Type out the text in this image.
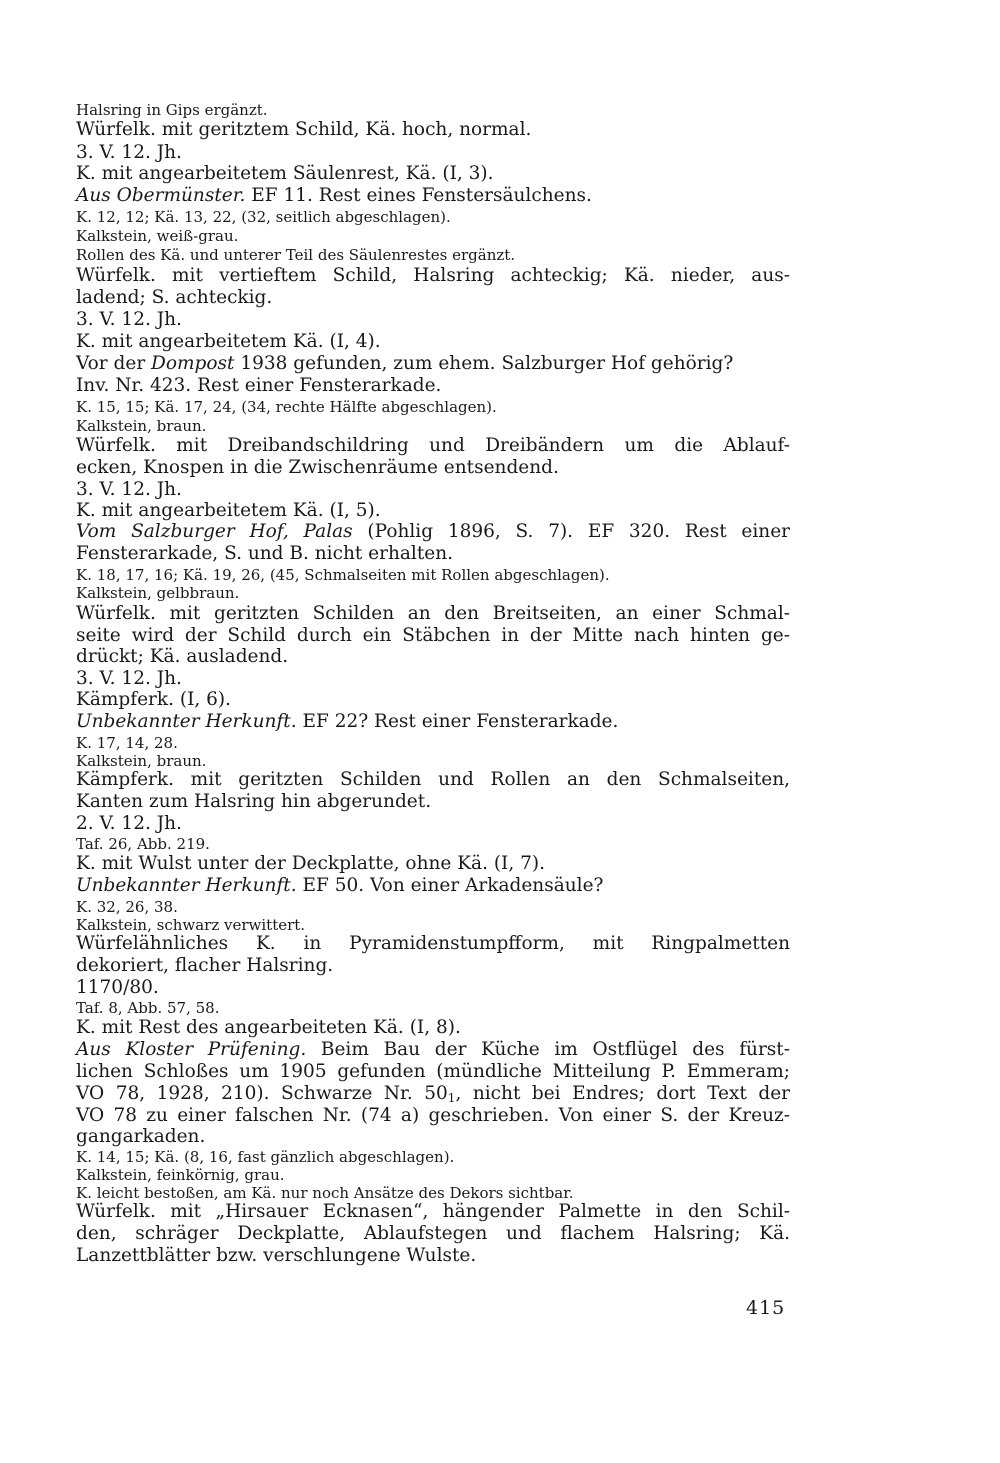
Halsring in Gips ergänzt.
Würfelk. mit geritztem Schild, Kä. hoch, normal.
3. V. 12. Jh.
K. mit angearbeitetem Säulenrest, Kä. (I, 3).
Aus Obermünster. EF 11. Rest eines Fenstersäulchens.
K. 12, 12; Kä. 13, 22, (32, seitlich abgeschlagen).
Kalkstein, weiß-grau.
Rollen des Kä. und unterer Teil des Säulenrestes ergänzt.
Würfelk. mit vertieftem Schild, Halsring achteckig; Kä. nieder, aus-
ladend; S. achteckig.
3. V. 12. Jh.
K. mit angearbeitetem Kä. (I, 4).
Vor der Dompost 1938 gefunden, zum ehem. Salzburger Hof gehörig?
Inv. Nr. 423. Rest einer Fensterarkade.
K. 15, 15; Kä. 17, 24, (34, rechte Hälfte abgeschlagen).
Kalkstein, braun.
Würfelk. mit Dreibandschildring und Dreibändern um die Ablauf-
ecken, Knospen in die Zwischenräume entsendend.
3. V. 12. Jh.
K. mit angearbeitetem Kä. (I, 5).
Vom Salzburger Hof, Palas (Pohlig 1896, S. 7). EF 320. Rest einer
Fensterarkade, S. und B. nicht erhalten.
K. 18, 17, 16; Kä. 19, 26, (45, Schmalseiten mit Rollen abgeschlagen).
Kalkstein, gelbbraun.
Würfelk. mit geritzten Schilden an den Breitseiten, an einer Schmal-
seite wird der Schild durch ein Stäbchen in der Mitte nach hinten ge-
drückt; Kä. ausladend.
3. V. 12. Jh.
Kämpferk. (I, 6).
Unbekannter Herkunft. EF 22? Rest einer Fensterarkade.
K. 17, 14, 28.
Kalkstein, braun.
Kämpferk. mit geritzten Schilden und Rollen an den Schmalseiten,
Kanten zum Halsring hin abgerundet.
2. V. 12. Jh.
Taf. 26, Abb. 219.
K. mit Wulst unter der Deckplatte, ohne Kä. (I, 7).
Unbekannter Herkunft. EF 50. Von einer Arkadensäule?
K. 32, 26, 38.
Kalkstein, schwarz verwittert.
Würfelähnliches K. in Pyramidenstumpfform, mit Ringpalmetten
dekoriert, flacher Halsring.
1170/80.
Taf. 8, Abb. 57, 58.
K. mit Rest des angearbeiteten Kä. (I, 8).
Aus Kloster Prüfening. Beim Bau der Küche im Ostflügel des fürst-
lichen Schloßes um 1905 gefunden (mündliche Mitteilung P. Emmeram;
VO 78, 1928, 210). Schwarze Nr. $50_1$, nicht bei Endres; dort Text der
VO 78 zu einer falschen Nr. (74 a) geschrieben. Von einer S. der Kreuz-
gangarkaden.
K. 14, 15; Kä. (8, 16, fast gänzlich abgeschlagen).
Kalkstein, feinkörnig, grau.
K. leicht bestoßen, am Kä. nur noch Ansätze des Dekors sichtbar.
Würfelk. mit „Hirsauer Ecknasen“, hängender Palmette in den Schil-
den, schräger Deckplatte, Ablaufstegen und flachem Halsring; Kä.
Lanzettblätter bzw. verschlungene Wulste.
415
